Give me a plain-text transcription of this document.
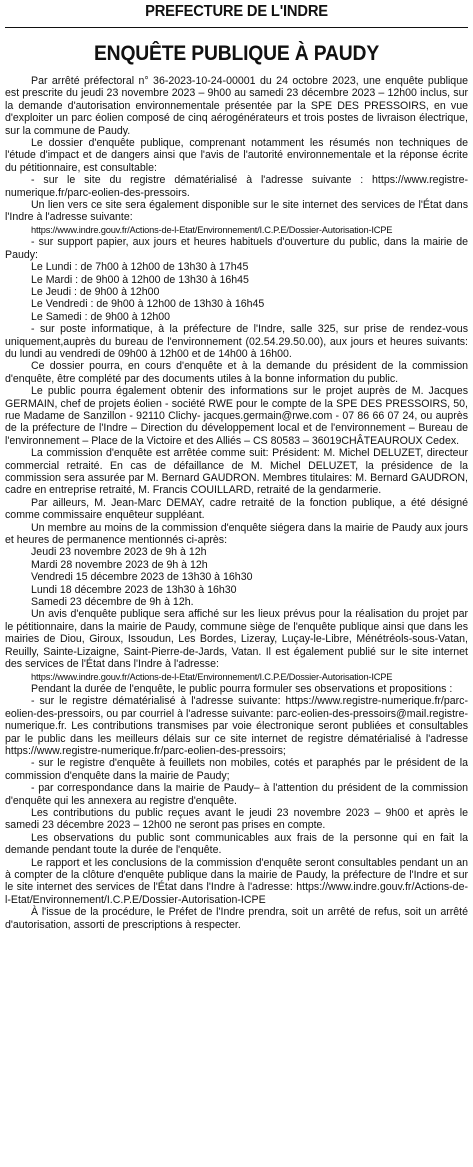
PREFECTURE DE L'INDRE
ENQUÊTE PUBLIQUE À PAUDY

Par arrêté préfectoral n° 36-2023-10-24-00001 du 24 octobre 2023, une enquête publique est prescrite du jeudi 23 novembre 2023 – 9h00 au samedi 23 décembre 2023 – 12h00 inclus, sur la demande d'autorisation environnementale présentée par la SPE DES PRESSOIRS, en vue d'exploiter un parc éolien composé de cinq aérogénérateurs et trois postes de livraison électrique, sur la commune de Paudy.

Le dossier d'enquête publique, comprenant notamment les résumés non techniques de l'étude d'impact et de dangers ainsi que l'avis de l'autorité environnementale et la réponse écrite du pétitionnaire, est consultable:

- sur le site du registre dématérialisé à l'adresse suivante : https://www.registre-numerique.fr/parc-eolien-des-pressoirs.

Un lien vers ce site sera également disponible sur le site internet des services de l'État dans l'Indre à l'adresse suivante:

https://www.indre.gouv.fr/Actions-de-l-Etat/Environnement/I.C.P.E/Dossier-Autorisation-ICPE

- sur support papier, aux jours et heures habituels d'ouverture du public, dans la mairie de Paudy:

Le Lundi : de 7h00 à 12h00 de 13h30 à 17h45
Le Mardi : de 9h00 à 12h00 de 13h30 à 16h45
Le Jeudi : de 9h00 à 12h00
Le Vendredi : de 9h00 à 12h00 de 13h30 à 16h45
Le Samedi : de 9h00 à 12h00

- sur poste informatique, à la préfecture de l'Indre, salle 325, sur prise de rendez-vous uniquement,auprès du bureau de l'environnement (02.54.29.50.00), aux jours et heures suivants: du lundi au vendredi de 09h00 à 12h00 et de 14h00 à 16h00.

Ce dossier pourra, en cours d'enquête et à la demande du président de la commission d'enquête, être complété par des documents utiles à la bonne information du public.

Le public pourra également obtenir des informations sur le projet auprès de M. Jacques GERMAIN, chef de projets éolien - société RWE pour le compte de la SPE DES PRESSOIRS, 50, rue Madame de Sanzillon - 92110 Clichy- jacques.germain@rwe.com - 07 86 66 07 24, ou auprès de la préfecture de l'Indre – Direction du développement local et de l'environnement – Bureau de l'environnement – Place de la Victoire et des Alliés – CS 80583 – 36019CHÂTEAUROUX Cedex.

La commission d'enquête est arrêtée comme suit: Président: M. Michel DELUZET, directeur commercial retraité. En cas de défaillance de M. Michel DELUZET, la présidence de la commission sera assurée par M. Bernard GAUDRON. Membres titulaires: M. Bernard GAUDRON, cadre en entreprise retraité, M. Francis COUILLARD, retraité de la gendarmerie.

Par ailleurs, M. Jean-Marc DEMAY, cadre retraité de la fonction publique, a été désigné comme commissaire enquêteur suppléant.

Un membre au moins de la commission d'enquête siégera dans la mairie de Paudy aux jours et heures de permanence mentionnés ci-après:

Jeudi 23 novembre 2023 de 9h à 12h
Mardi 28 novembre 2023 de 9h à 12h
Vendredi 15 décembre 2023 de 13h30 à 16h30
Lundi 18 décembre 2023 de 13h30 à 16h30
Samedi 23 décembre de 9h à 12h.

Un avis d'enquête publique sera affiché sur les lieux prévus pour la réalisation du projet par le pétitionnaire, dans la mairie de Paudy, commune siège de l'enquête publique ainsi que dans les mairies de Diou, Giroux, Issoudun, Les Bordes, Lizeray, Luçay-le-Libre, Ménétréols-sous-Vatan, Reuilly, Sainte-Lizaigne, Saint-Pierre-de-Jards, Vatan. Il est également publié sur le site internet des services de l'État dans l'Indre à l'adresse:

https://www.indre.gouv.fr/Actions-de-l-Etat/Environnement/I.C.P.E/Dossier-Autorisation-ICPE

Pendant la durée de l'enquête, le public pourra formuler ses observations et propositions :

- sur le registre dématérialisé à l'adresse suivante: https://www.registre-numerique.fr/parc-eolien-des-pressoirs, ou par courriel à l'adresse suivante: parc-eolien-des-pressoirs@mail.registre-numerique.fr. Les contributions transmises par voie électronique seront publiées et consultables par le public dans les meilleurs délais sur ce site internet de registre dématérialisé à l'adresse https://www.registre-numerique.fr/parc-eolien-des-pressoirs;

- sur le registre d'enquête à feuillets non mobiles, cotés et paraphés par le président de la commission d'enquête dans la mairie de Paudy;

- par correspondance dans la mairie de Paudy– à l'attention du président de la commission d'enquête qui les annexera au registre d'enquête.

Les contributions du public reçues avant le jeudi 23 novembre 2023 – 9h00 et après le samedi 23 décembre 2023 – 12h00 ne seront pas prises en compte.

Les observations du public sont communicables aux frais de la personne qui en fait la demande pendant toute la durée de l'enquête.

Le rapport et les conclusions de la commission d'enquête seront consultables pendant un an à compter de la clôture d'enquête publique dans la mairie de Paudy, la préfecture de l'Indre et sur le site internet des services de l'État dans l'Indre à l'adresse: https://www.indre.gouv.fr/Actions-de-l-Etat/Environnement/I.C.P.E/Dossier-Autorisation-ICPE

À l'issue de la procédure, le Préfet de l'Indre prendra, soit un arrêté de refus, soit un arrêté d'autorisation, assorti de prescriptions à respecter.
